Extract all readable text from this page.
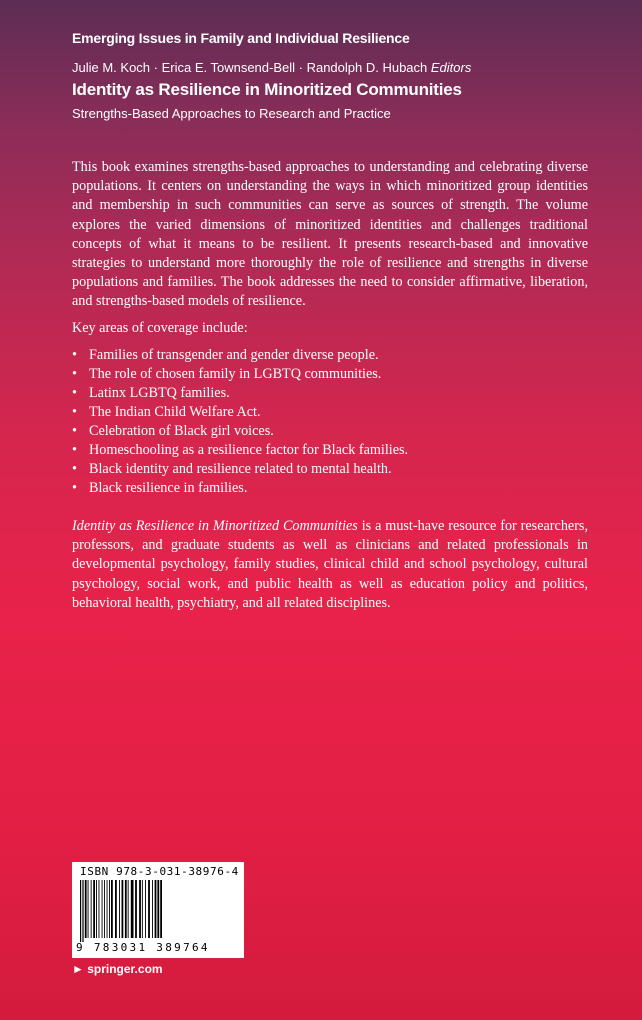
Emerging Issues in Family and Individual Resilience
Julie M. Koch · Erica E. Townsend-Bell · Randolph D. Hubach Editors
Identity as Resilience in Minoritized Communities
Strengths-Based Approaches to Research and Practice

This book examines strengths-based approaches to understanding and celebrating diverse populations. It centers on understanding the ways in which minoritized group identities and membership in such communities can serve as sources of strength. The volume explores the varied dimensions of minoritized identities and challenges traditional concepts of what it means to be resilient. It presents research-based and innovative strategies to understand more thoroughly the role of resilience and strengths in diverse populations and families. The book addresses the need to consider affirmative, liberation, and strengths-based models of resilience.

Key areas of coverage include:

• Families of transgender and gender diverse people.
• The role of chosen family in LGBTQ communities.
• Latinx LGBTQ families.
• The Indian Child Welfare Act.
• Celebration of Black girl voices.
• Homeschooling as a resilience factor for Black families.
• Black identity and resilience related to mental health.
• Black resilience in families.

Identity as Resilience in Minoritized Communities is a must-have resource for researchers, professors, and graduate students as well as clinicians and related professionals in developmental psychology, family studies, clinical child and school psychology, cultural psychology, social work, and public health as well as education policy and politics, behavioral health, psychiatry, and all related disciplines.

ISBN 978-3-031-38976-4
9 783031 389764
► springer.com
